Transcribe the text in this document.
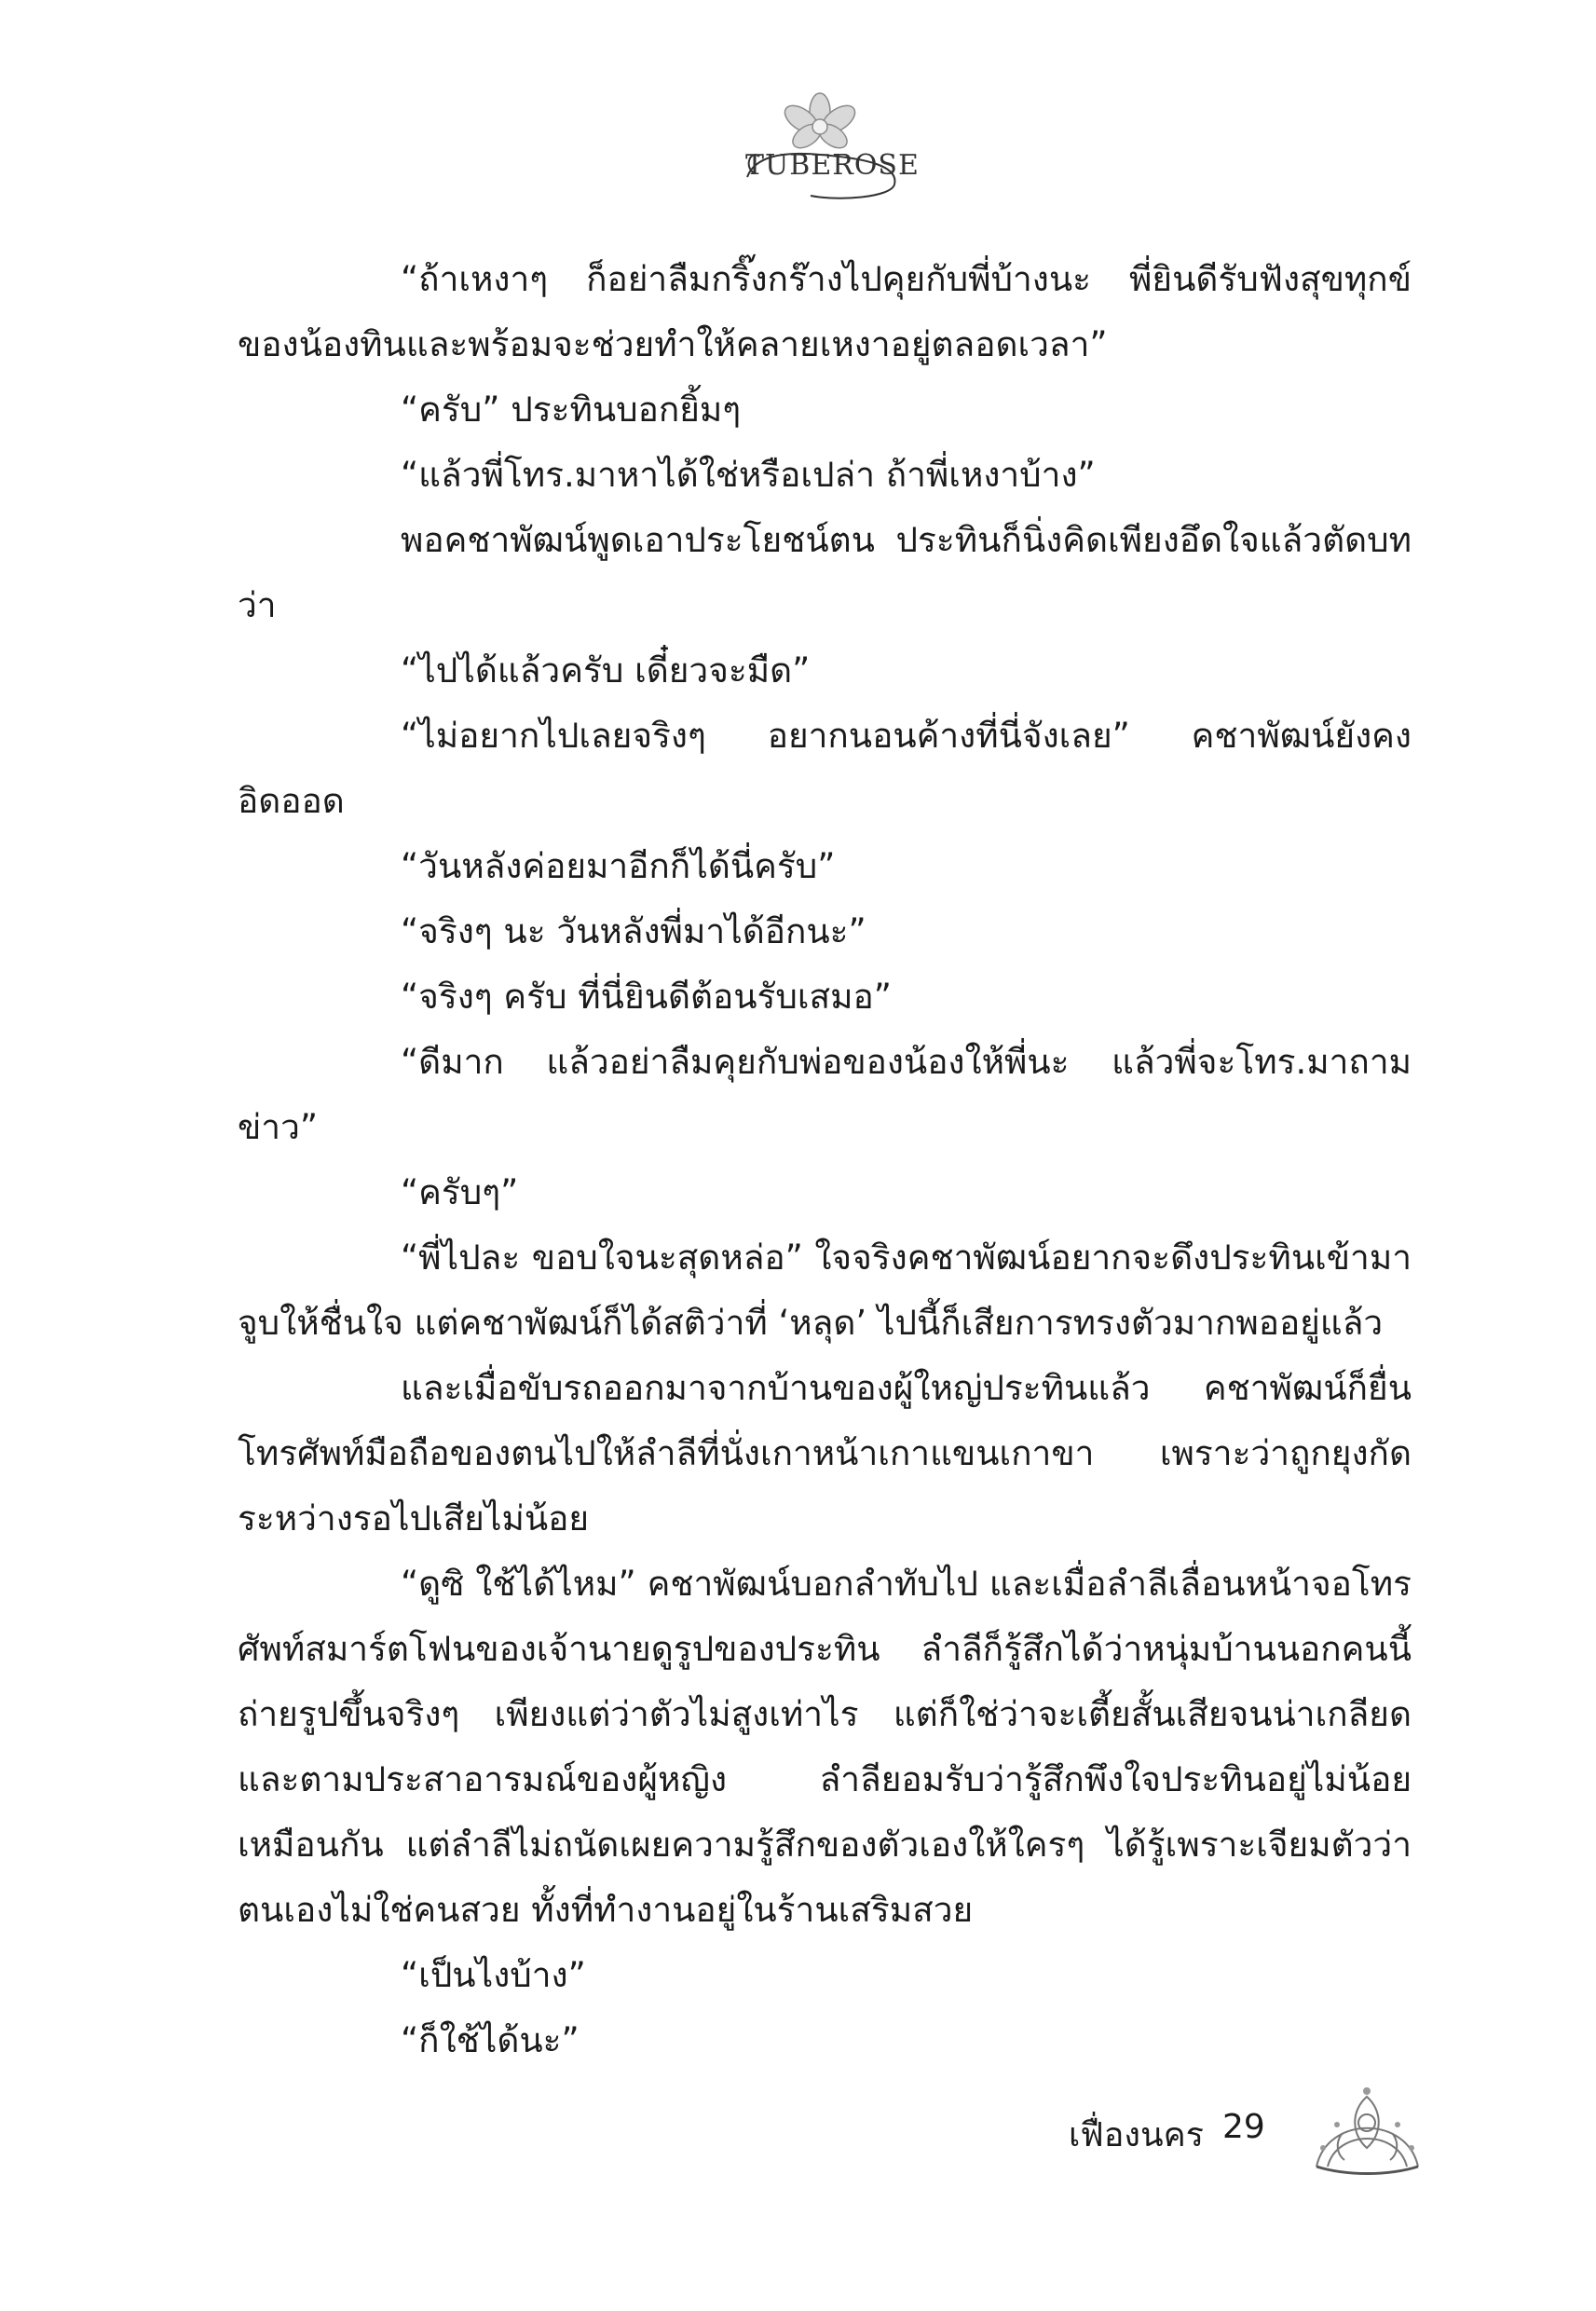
TUBEROSE

“ถ้าเหงาๆ ก็อย่าลืมกริ๊งกร๊างไปคุยกับพี่บ้างนะ พี่ยินดีรับฟังสุขทุกข์ของน้องทินและพร้อมจะช่วยทำให้คลายเหงาอยู่ตลอดเวลา”

“ครับ” ประทินบอกยิ้มๆ

“แล้วพี่โทร.มาหาได้ใช่หรือเปล่า ถ้าพี่เหงาบ้าง”

พอคชาพัฒน์พูดเอาประโยชน์ตน ประทินก็นิ่งคิดเพียงอึดใจแล้วตัดบทว่า

“ไปได้แล้วครับ เดี๋ยวจะมืด”

“ไม่อยากไปเลยจริงๆ อยากนอนค้างที่นี่จังเลย” คชาพัฒน์ยังคงอิดออด

“วันหลังค่อยมาอีกก็ได้นี่ครับ”

“จริงๆ นะ วันหลังพี่มาได้อีกนะ”

“จริงๆ ครับ ที่นี่ยินดีต้อนรับเสมอ”

“ดีมาก แล้วอย่าลืมคุยกับพ่อของน้องให้พี่นะ แล้วพี่จะโทร.มาถามข่าว”

“ครับๆ”

“พี่ไปละ ขอบใจนะสุดหล่อ” ใจจริงคชาพัฒน์อยากจะดึงประทินเข้ามาจูบให้ชื่นใจ แต่คชาพัฒน์ก็ได้สติว่าที่ ‘หลุด’ ไปนี้ก็เสียการทรงตัวมากพออยู่แล้ว

และเมื่อขับรถออกมาจากบ้านของผู้ใหญ่ประทินแล้ว คชาพัฒน์ก็ยื่นโทรศัพท์มือถือของตนไปให้ลำลีที่นั่งเกาหน้าเกาแขนเกาขา เพราะว่าถูกยุงกัดระหว่างรอไปเสียไม่น้อย

“ดูซิ ใช้ได้ไหม” คชาพัฒน์บอกลำทับไป และเมื่อลำลีเลื่อนหน้าจอโทรศัพท์สมาร์ตโฟนของเจ้านายดูรูปของประทิน ลำลีก็รู้สึกได้ว่าหนุ่มบ้านนอกคนนี้ถ่ายรูปขึ้นจริงๆ เพียงแต่ว่าตัวไม่สูงเท่าไร แต่ก็ใช่ว่าจะเตี้ยสั้นเสียจนน่าเกลียด และตามประสาอารมณ์ของผู้หญิง ลำลียอมรับว่ารู้สึกพึงใจประทินอยู่ไม่น้อยเหมือนกัน แต่ลำลีไม่ถนัดเผยความรู้สึกของตัวเองให้ใครๆ ได้รู้เพราะเจียมตัวว่าตนเองไม่ใช่คนสวย ทั้งที่ทำงานอยู่ในร้านเสริมสวย

“เป็นไงบ้าง”

“ก็ใช้ได้นะ”

เฟื่องนคร 29
